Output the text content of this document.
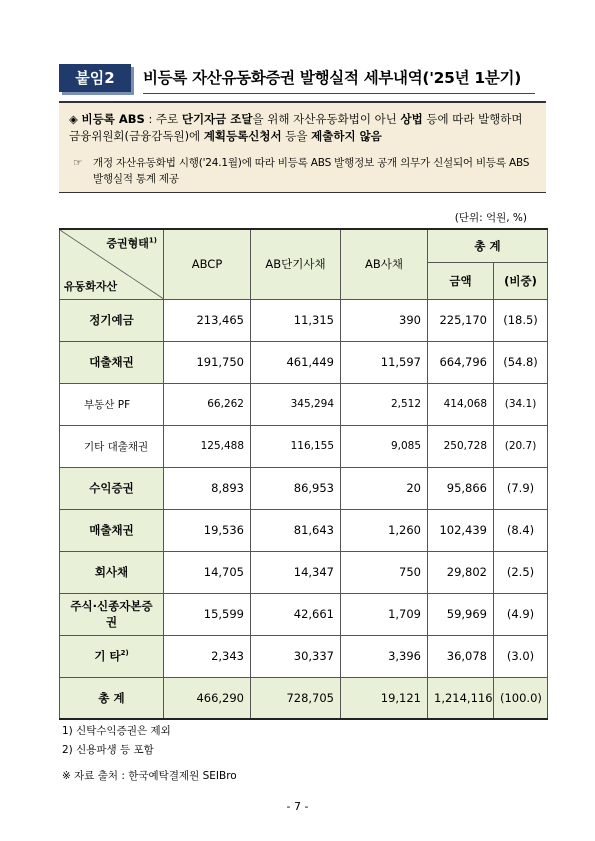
붙임2	비등록 자산유동화증권 발행실적 세부내역('25년 1분기)
◈ 비등록 ABS : 주로 단기자금 조달을 위해 자산유동화법이 아닌 상법 등에 따라 발행하며 금융위원회(금융감독원)에 계획등록신청서 등을 제출하지 않음
☞	개정 자산유동화법 시행('24.1월)에 따라 비등록 ABS 발행정보 공개 의무가 신설되어 비등록 ABS 발행실적 통계 제공
(단위: 억원, %)
증권형태$^{1)}$
유동화자산	ABCP	AB단기사채	AB사채	총 계	
				금액	(비중)
정기예금	213,465	11,315	390	225,170	(18.5)
대출채권	191,750	461,449	11,597	664,796	(54.8)
부동산 PF	66,262	345,294	2,512	414,068	(34.1)
기타 대출채권	125,488	116,155	9,085	250,728	(20.7)
수익증권	8,893	86,953	20	95,866	(7.9)
매출채권	19,536	81,643	1,260	102,439	(8.4)
회사채	14,705	14,347	750	29,802	(2.5)
주식·신종자본증권	15,599	42,661	1,709	59,969	(4.9)
기 타$^{2)}$	2,343	30,337	3,396	36,078	(3.0)
총 계	466,290	728,705	19,121	1,214,116	(100.0)
1) 신탁수익증권은 제외
2) 신용파생 등 포함
※ 자료 출처 : 한국예탁결제원 SEIBro
- 7 -
